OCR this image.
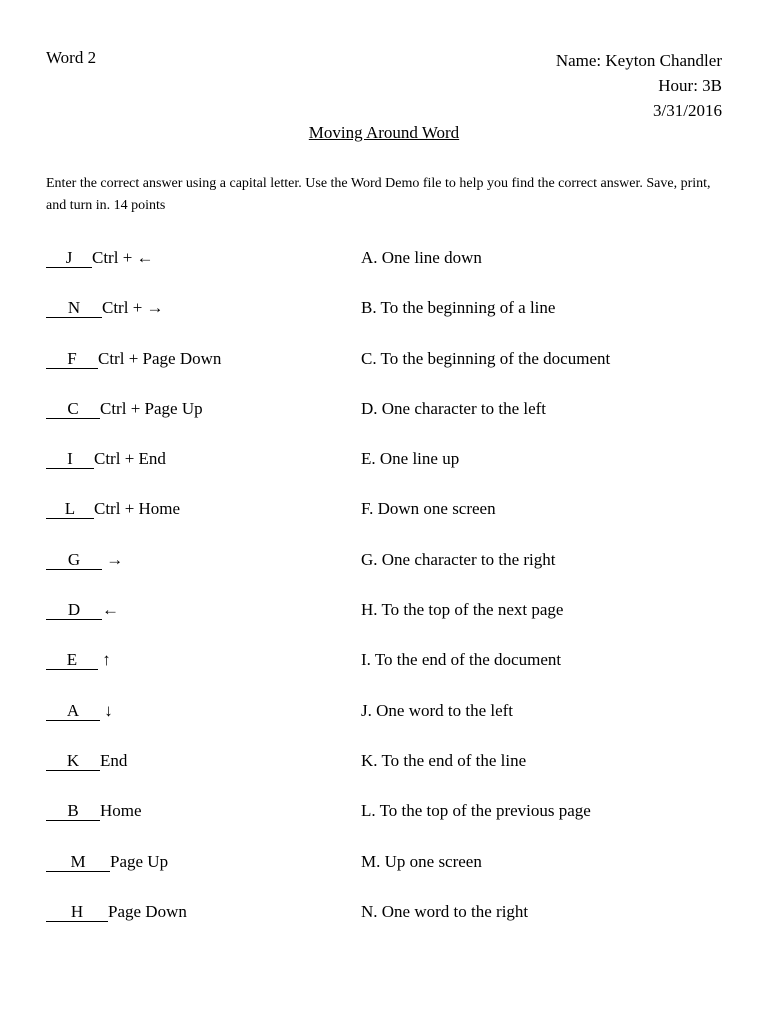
Word 2	Name: Keyton Chandler
Hour: 3B
3/31/2016
Moving Around Word
Enter the correct answer using a capital letter. Use the Word Demo file to help you find the correct answer. Save, print, and turn in. 14 points
J Ctrl + ←	A. One line down
N Ctrl + →	B. To the beginning of a line
F Ctrl + Page Down	C. To the beginning of the document
C Ctrl + Page Up	D. One character to the left
I Ctrl + End	E. One line up
L Ctrl + Home	F. Down one screen
G →	G. One character to the right
D ←	H. To the top of the next page
E ↑	I. To the end of the document
A ↓	J. One word to the left
K End	K. To the end of the line
B Home	L. To the top of the previous page
M Page Up	M. Up one screen
H Page Down	N. One word to the right
